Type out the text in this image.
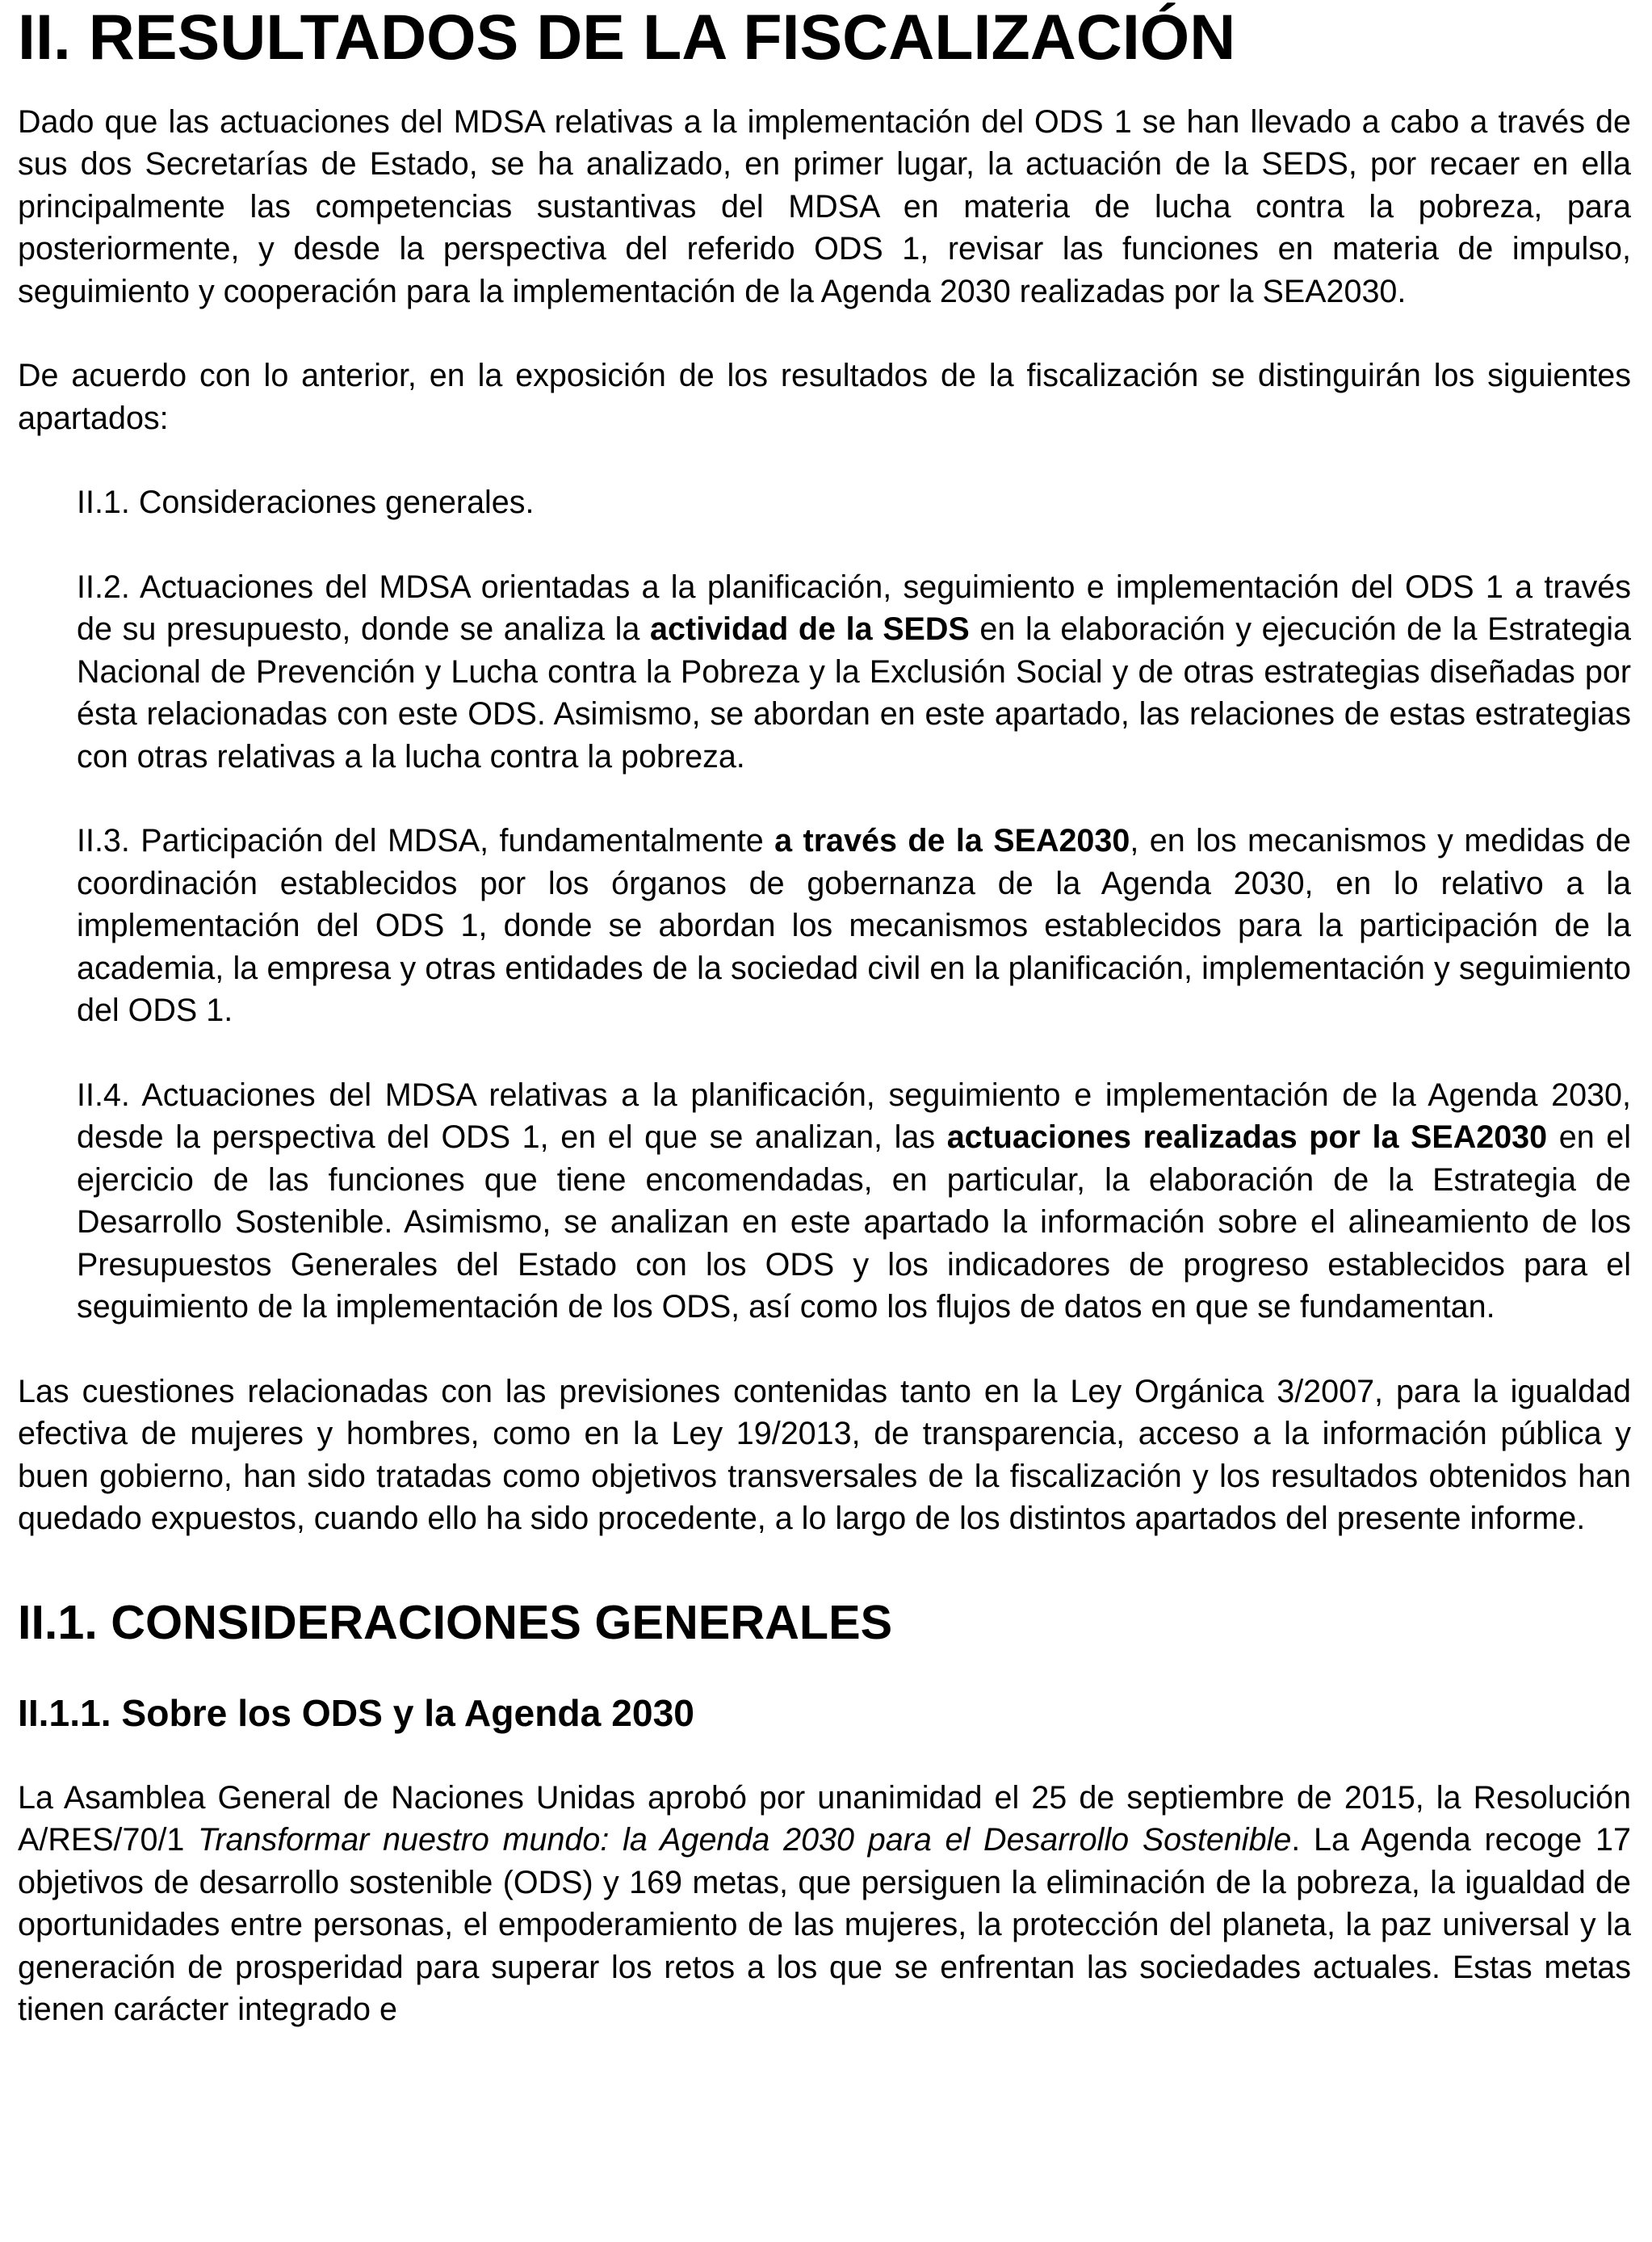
II. RESULTADOS DE LA FISCALIZACIÓN

Dado que las actuaciones del MDSA relativas a la implementación del ODS 1 se han llevado a cabo a través de sus dos Secretarías de Estado, se ha analizado, en primer lugar, la actuación de la SEDS, por recaer en ella principalmente las competencias sustantivas del MDSA en materia de lucha contra la pobreza, para posteriormente, y desde la perspectiva del referido ODS 1, revisar las funciones en materia de impulso, seguimiento y cooperación para la implementación de la Agenda 2030 realizadas por la SEA2030.

De acuerdo con lo anterior, en la exposición de los resultados de la fiscalización se distinguirán los siguientes apartados:

II.1. Consideraciones generales.

II.2. Actuaciones del MDSA orientadas a la planificación, seguimiento e implementación del ODS 1 a través de su presupuesto, donde se analiza la actividad de la SEDS en la elaboración y ejecución de la Estrategia Nacional de Prevención y Lucha contra la Pobreza y la Exclusión Social y de otras estrategias diseñadas por ésta relacionadas con este ODS. Asimismo, se abordan en este apartado, las relaciones de estas estrategias con otras relativas a la lucha contra la pobreza.

II.3. Participación del MDSA, fundamentalmente a través de la SEA2030, en los mecanismos y medidas de coordinación establecidos por los órganos de gobernanza de la Agenda 2030, en lo relativo a la implementación del ODS 1, donde se abordan los mecanismos establecidos para la participación de la academia, la empresa y otras entidades de la sociedad civil en la planificación, implementación y seguimiento del ODS 1.

II.4. Actuaciones del MDSA relativas a la planificación, seguimiento e implementación de la Agenda 2030, desde la perspectiva del ODS 1, en el que se analizan, las actuaciones realizadas por la SEA2030 en el ejercicio de las funciones que tiene encomendadas, en particular, la elaboración de la Estrategia de Desarrollo Sostenible. Asimismo, se analizan en este apartado la información sobre el alineamiento de los Presupuestos Generales del Estado con los ODS y los indicadores de progreso establecidos para el seguimiento de la implementación de los ODS, así como los flujos de datos en que se fundamentan.

Las cuestiones relacionadas con las previsiones contenidas tanto en la Ley Orgánica 3/2007, para la igualdad efectiva de mujeres y hombres, como en la Ley 19/2013, de transparencia, acceso a la información pública y buen gobierno, han sido tratadas como objetivos transversales de la fiscalización y los resultados obtenidos han quedado expuestos, cuando ello ha sido procedente, a lo largo de los distintos apartados del presente informe.

II.1. CONSIDERACIONES GENERALES
II.1.1. Sobre los ODS y la Agenda 2030

La Asamblea General de Naciones Unidas aprobó por unanimidad el 25 de septiembre de 2015, la Resolución A/RES/70/1 Transformar nuestro mundo: la Agenda 2030 para el Desarrollo Sostenible. La Agenda recoge 17 objetivos de desarrollo sostenible (ODS) y 169 metas, que persiguen la eliminación de la pobreza, la igualdad de oportunidades entre personas, el empoderamiento de las mujeres, la protección del planeta, la paz universal y la generación de prosperidad para superar los retos a los que se enfrentan las sociedades actuales. Estas metas tienen carácter integrado e
